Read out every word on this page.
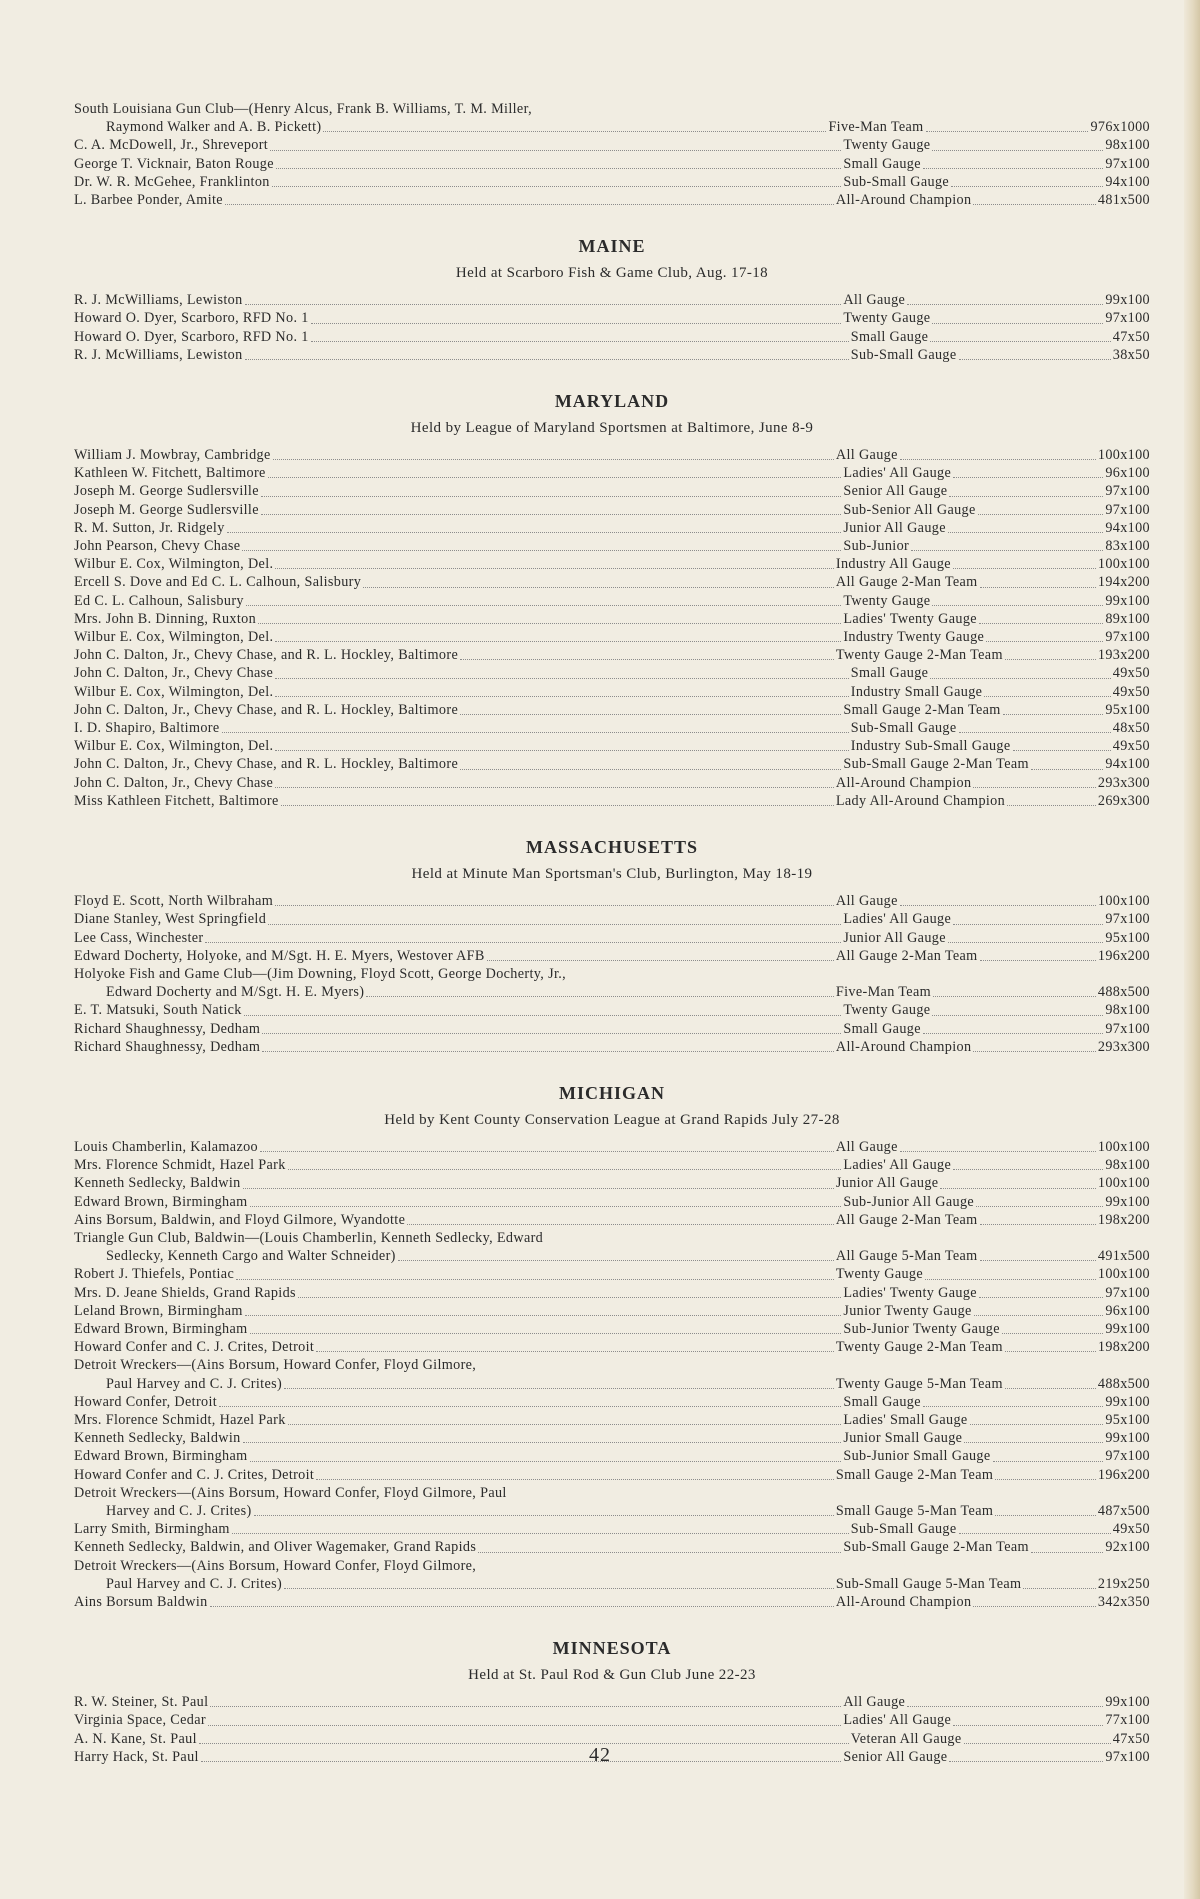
South Louisiana Gun Club—(Henry Alcus, Frank B. Williams, T. M. Miller,
Raymond Walker and A. B. Pickett)	Five-Man Team	976x1000
C. A. McDowell, Jr., Shreveport	Twenty Gauge	98x100
George T. Vicknair, Baton Rouge	Small Gauge	97x100
Dr. W. R. McGehee, Franklinton	Sub-Small Gauge	94x100
L. Barbee Ponder, Amite	All-Around Champion	481x500
MAINE
Held at Scarboro Fish & Game Club, Aug. 17-18
R. J. McWilliams, Lewiston	All Gauge	99x100
Howard O. Dyer, Scarboro, RFD No. 1	Twenty Gauge	97x100
Howard O. Dyer, Scarboro, RFD No. 1	Small Gauge	47x50
R. J. McWilliams, Lewiston	Sub-Small Gauge	38x50
MARYLAND
Held by League of Maryland Sportsmen at Baltimore, June 8-9
William J. Mowbray, Cambridge	All Gauge	100x100
Kathleen W. Fitchett, Baltimore	Ladies' All Gauge	96x100
Joseph M. George Sudlersville	Senior All Gauge	97x100
Joseph M. George Sudlersville	Sub-Senior All Gauge	97x100
R. M. Sutton, Jr. Ridgely	Junior All Gauge	94x100
John Pearson, Chevy Chase	Sub-Junior	83x100
Wilbur E. Cox, Wilmington, Del.	Industry All Gauge	100x100
Ercell S. Dove and Ed C. L. Calhoun, Salisbury	All Gauge 2-Man Team	194x200
Ed C. L. Calhoun, Salisbury	Twenty Gauge	99x100
Mrs. John B. Dinning, Ruxton	Ladies' Twenty Gauge	89x100
Wilbur E. Cox, Wilmington, Del.	Industry Twenty Gauge	97x100
John C. Dalton, Jr., Chevy Chase, and R. L. Hockley, Baltimore	Twenty Gauge 2-Man Team	193x200
John C. Dalton, Jr., Chevy Chase	Small Gauge	49x50
Wilbur E. Cox, Wilmington, Del.	Industry Small Gauge	49x50
John C. Dalton, Jr., Chevy Chase, and R. L. Hockley, Baltimore	Small Gauge 2-Man Team	95x100
I. D. Shapiro, Baltimore	Sub-Small Gauge	48x50
Wilbur E. Cox, Wilmington, Del.	Industry Sub-Small Gauge	49x50
John C. Dalton, Jr., Chevy Chase, and R. L. Hockley, Baltimore	Sub-Small Gauge 2-Man Team	94x100
John C. Dalton, Jr., Chevy Chase	All-Around Champion	293x300
Miss Kathleen Fitchett, Baltimore	Lady All-Around Champion	269x300
MASSACHUSETTS
Held at Minute Man Sportsman's Club, Burlington, May 18-19
Floyd E. Scott, North Wilbraham	All Gauge	100x100
Diane Stanley, West Springfield	Ladies' All Gauge	97x100
Lee Cass, Winchester	Junior All Gauge	95x100
Edward Docherty, Holyoke, and M/Sgt. H. E. Myers, Westover AFB	All Gauge 2-Man Team	196x200
Holyoke Fish and Game Club—(Jim Downing, Floyd Scott, George Docherty, Jr.,
Edward Docherty and M/Sgt. H. E. Myers)	Five-Man Team	488x500
E. T. Matsuki, South Natick	Twenty Gauge	98x100
Richard Shaughnessy, Dedham	Small Gauge	97x100
Richard Shaughnessy, Dedham	All-Around Champion	293x300
MICHIGAN
Held by Kent County Conservation League at Grand Rapids July 27-28
Louis Chamberlin, Kalamazoo	All Gauge	100x100
Mrs. Florence Schmidt, Hazel Park	Ladies' All Gauge	98x100
Kenneth Sedlecky, Baldwin	Junior All Gauge	100x100
Edward Brown, Birmingham	Sub-Junior All Gauge	99x100
Ains Borsum, Baldwin, and Floyd Gilmore, Wyandotte	All Gauge 2-Man Team	198x200
Triangle Gun Club, Baldwin—(Louis Chamberlin, Kenneth Sedlecky, Edward
Sedlecky, Kenneth Cargo and Walter Schneider)	All Gauge 5-Man Team	491x500
Robert J. Thiefels, Pontiac	Twenty Gauge	100x100
Mrs. D. Jeane Shields, Grand Rapids	Ladies' Twenty Gauge	97x100
Leland Brown, Birmingham	Junior Twenty Gauge	96x100
Edward Brown, Birmingham	Sub-Junior Twenty Gauge	99x100
Howard Confer and C. J. Crites, Detroit	Twenty Gauge 2-Man Team	198x200
Detroit Wreckers—(Ains Borsum, Howard Confer, Floyd Gilmore,
Paul Harvey and C. J. Crites)	Twenty Gauge 5-Man Team	488x500
Howard Confer, Detroit	Small Gauge	99x100
Mrs. Florence Schmidt, Hazel Park	Ladies' Small Gauge	95x100
Kenneth Sedlecky, Baldwin	Junior Small Gauge	99x100
Edward Brown, Birmingham	Sub-Junior Small Gauge	97x100
Howard Confer and C. J. Crites, Detroit	Small Gauge 2-Man Team	196x200
Detroit Wreckers—(Ains Borsum, Howard Confer, Floyd Gilmore, Paul
Harvey and C. J. Crites)	Small Gauge 5-Man Team	487x500
Larry Smith, Birmingham	Sub-Small Gauge	49x50
Kenneth Sedlecky, Baldwin, and Oliver Wagemaker, Grand Rapids	Sub-Small Gauge 2-Man Team	92x100
Detroit Wreckers—(Ains Borsum, Howard Confer, Floyd Gilmore,
Paul Harvey and C. J. Crites)	Sub-Small Gauge 5-Man Team	219x250
Ains Borsum Baldwin	All-Around Champion	342x350
MINNESOTA
Held at St. Paul Rod & Gun Club June 22-23
R. W. Steiner, St. Paul	All Gauge	99x100
Virginia Space, Cedar	Ladies' All Gauge	77x100
A. N. Kane, St. Paul	Veteran All Gauge	47x50
Harry Hack, St. Paul	Senior All Gauge	97x100
42
